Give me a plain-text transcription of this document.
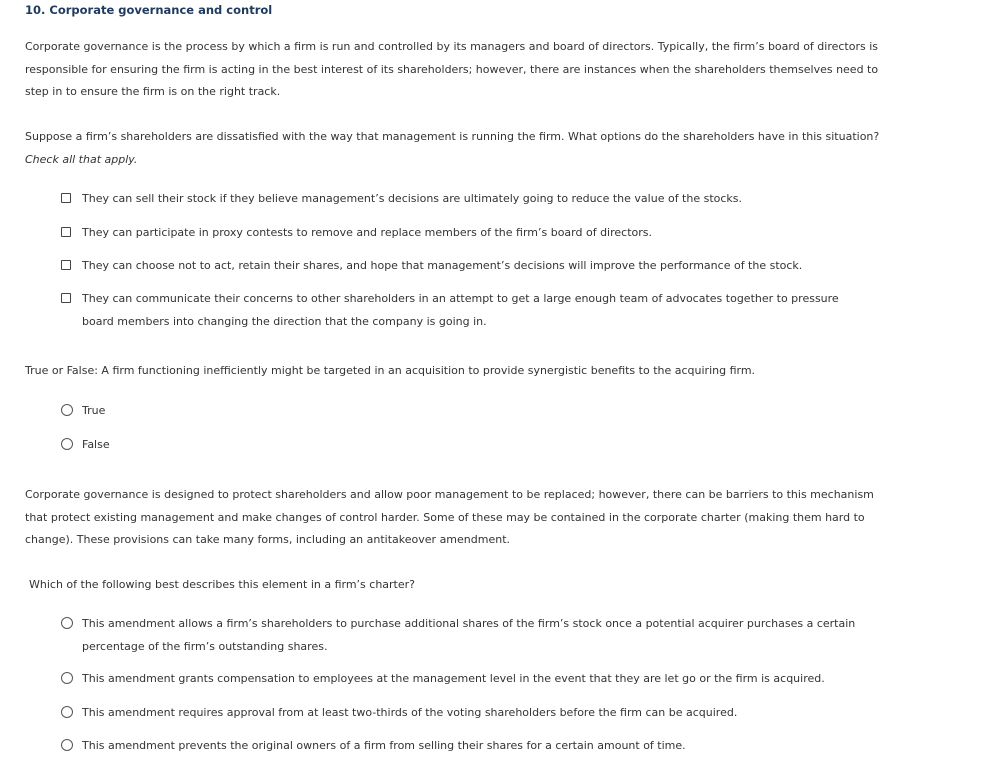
10. Corporate governance and control

Corporate governance is the process by which a firm is run and controlled by its managers and board of directors. Typically, the firm’s board of directors is responsible for ensuring the firm is acting in the best interest of its shareholders; however, there are instances when the shareholders themselves need to step in to ensure the firm is on the right track.

Suppose a firm’s shareholders are dissatisfied with the way that management is running the firm. What options do the shareholders have in this situation? Check all that apply.

They can sell their stock if they believe management’s decisions are ultimately going to reduce the value of the stocks.
They can participate in proxy contests to remove and replace members of the firm’s board of directors.
They can choose not to act, retain their shares, and hope that management’s decisions will improve the performance of the stock.
They can communicate their concerns to other shareholders in an attempt to get a large enough team of advocates together to pressure board members into changing the direction that the company is going in.

True or False: A firm functioning inefficiently might be targeted in an acquisition to provide synergistic benefits to the acquiring firm.

True
False

Corporate governance is designed to protect shareholders and allow poor management to be replaced; however, there can be barriers to this mechanism that protect existing management and make changes of control harder. Some of these may be contained in the corporate charter (making them hard to change). These provisions can take many forms, including an antitakeover amendment.

Which of the following best describes this element in a firm’s charter?

This amendment allows a firm’s shareholders to purchase additional shares of the firm’s stock once a potential acquirer purchases a certain percentage of the firm’s outstanding shares.
This amendment grants compensation to employees at the management level in the event that they are let go or the firm is acquired.
This amendment requires approval from at least two-thirds of the voting shareholders before the firm can be acquired.
This amendment prevents the original owners of a firm from selling their shares for a certain amount of time.
